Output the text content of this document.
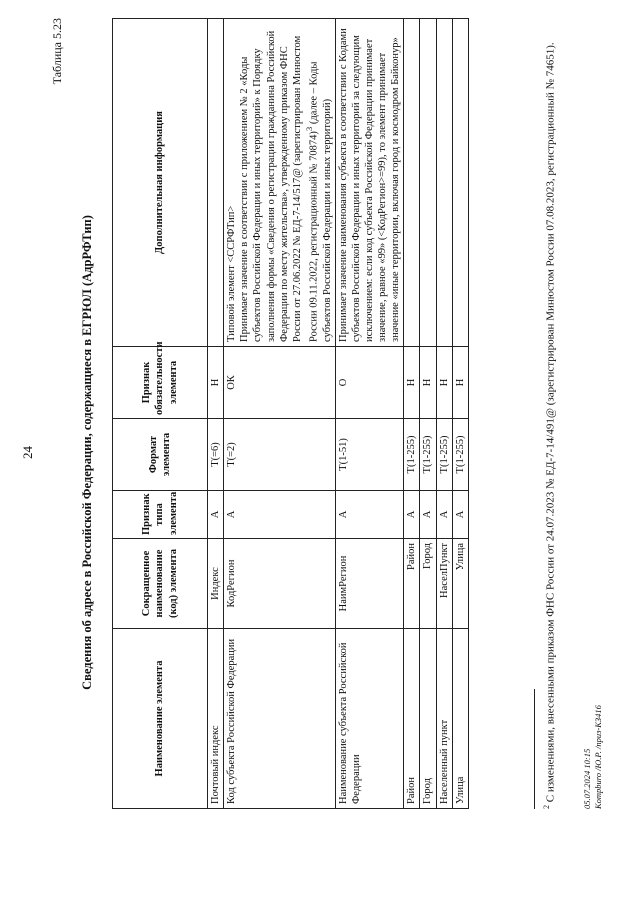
24
Таблица 5.23
Сведения об адресе в Российской Федерации, содержащиеся в ЕГРЮЛ (АдрРФТип)
Наименование элемента	Сокращенное наименование (код) элемента	Признак типа элемента	Формат элемента	Признак обязательности элемента	Дополнительная информация
Почтовый индекс	Индекс	А	T(=6)	Н	
Код субъекта Российской Федерации	КодРегион	А	T(=2)	ОК	Типовой элемент <ССРФТип>
Принимает значение в соответствии с приложением № 2 «Коды субъектов Российской Федерации и иных территорий» к Порядку заполнения формы «Сведения о регистрации гражданина Российской Федерации по месту жительства», утвержденному приказом ФНС России от 27.06.2022 № ЕД-7-14/517@ (зарегистрирован Минюстом России 09.11.2022, регистрационный № 70874)$^3$ (далее – Коды субъектов Российской Федерации и иных территорий)
Наименование субъекта Российской Федерации	НаимРегион	А	T(1-51)	О	Принимает значение наименования субъекта в соответствии с Кодами субъектов Российской Федерации и иных территорий за следующим исключением: если код субъекта Российской Федерации принимает значение, равное «99» (<КодРегион>=99), то элемент принимает значение «иные территории, включая город и космодром Байконур»
Район	Район	А	T(1-255)	Н	
Город	Город	А	T(1-255)	Н	
Населенный пункт	НаселПункт	А	T(1-255)	Н	
Улица	Улица	А	T(1-255)	Н	
$^2$ С изменениями, внесенными приказом ФНС России от 24.07.2023 № ЕД-7-14/491@ (зарегистрирован Минюстом России 07.08.2023, регистрационный № 74651).	05.07.2024 10:15 Kompburo /Ю.Р. /приз-КЗ416
